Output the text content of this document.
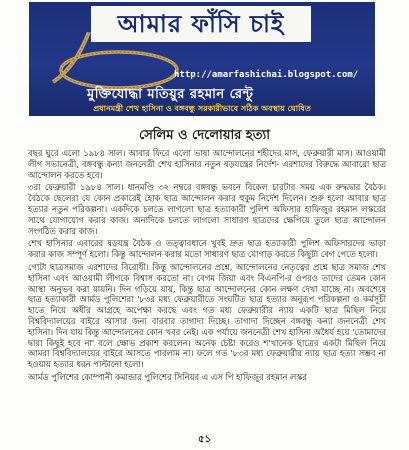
আমার ফাঁসি চাই
http://amarfashichai.blogspot.com/
মুক্তিযোদ্ধা মতিয়ুর রহমান রেন্টু
প্রধানমন্ত্রী শেখ হাসিনা ও বঙ্গবন্ধু সরকারীভাবে সঠিক অবস্থায় ঘোষিত
সেলিম ও দেলোয়ার হত্যা

বছর ঘুরে এলো ১৯৮৪ সাল। আবার ফিরে এলো ভাষা আন্দোলনের শহীদের মাস, ফেব্রুয়ারী মাস। আওয়ামী লীগ সভানেত্রী, বঙ্গবন্ধু কন্যা জননেত্রী শেখ হাসিনার নতুন ষড়যন্ত্রের নির্দেশ- এরশাদের বিরুদ্ধে আবারো ছাত্র আন্দোলন করতে হবে।

৩রা ফেব্রুয়ারী ১৯৮৪ সাল। ধানমণ্ডি ৩২ নম্বরে বঙ্গবন্ধু ভবনে বিকেল চারটার সময় এক রুদ্ধদ্বার বৈঠক। বৈঠকে ছেলেরা যে কোন প্রকারেই হোক ছাত্র আন্দোলন করার হুকুম নির্দেশ দিলেন। শুরু হলো আবার ছাত্র হত্যার নতুন পরিকল্পনা। একদিকে চলতে লাগলো ছাত্র হত্যাকারী পুলিশ অফিসার হাফিজুর রহমান লস্করের সাথে যোগাযোগ করার কাজ। অন্যদিকে চলতে লাগলো সাধারণ ছাত্রদের ক্ষেপিয়ে তুলে ছাত্র আন্দোলন সংগঠিত করার কাজ।

শেখ হাসিনার এবারের ষড়যন্ত্র বৈঠক ও তত্ত্বাবধানে খুবই দ্রুত ছাত্র হত্যাকারী পুলিশ অফিসারদের ভাড়া করার কাজ সম্পূর্ণ হলো। কিন্তু আন্দোলন করার মতো সাধারণ ছাত্র যোগাড় করতে কিছুটা বেগ পেতে হলো।

গোটা ছাত্রসমাজ এরশাদের বিরোধী। কিন্তু আন্দোলনের প্রশ্নে, আন্দোলনের নেতৃত্বের প্রশ্নে ছাত্র সমাজ শেখ হাসিনা এবং আওয়ামী লীগকে বিশ্বাস করতো না। বেগম জিয়া এবং বিএনপি-র ওপরও তাদের তেমন কোন আস্থা অনুভব করা যায়নি। দিন গড়িয়ে যায়, কিন্তু ছাত্র আন্দোলনের কোন লক্ষণ দেখা যাচ্ছে না। অবশেষে ছাত্র হত্যাকারী আর্মড পুলিশেরা '৮৩র মধ্য ফেব্রুয়ারীতে সংঘটিত ছাত্র হত্যার অনুরূপ পরিকল্পনা ও কর্মসূচী হাতে নিয়ে অধীর আগ্রহে অপেক্ষা করছে এবং গত মধ্য ফেব্রুয়ারীর ন্যায় একটি ছাত্র মিছিল নিয়ে বিশ্ববিদ্যালয়ের বাইরে আসার জন্য বারবার তাগাদা দিচ্ছে। তাগাদা দিচ্ছেন বঙ্গবন্ধু কন্যা জননেত্রী শেখ হাসিনা। দিন যায় কিন্তু আন্দোলনের কোন খবর নেই। এক পর্যায়ে জননেত্রী শেখ হাসিনা অধৈর্য হয়ে 'তোমাদের দ্বারা কিছুই হবে না' বলে ক্ষোভ প্রকাশ করলেন। অনেক চেষ্টা করেও শ'খানেক ছাত্রের একটা মিছিল নিয়ে আমরা বিশ্ববিদ্যালয়ের বাইরে আসতে পারলাম না। ফলে গত '৮৩র মধ্য ফেব্রুয়ারীর ন্যায় ছাত্র হত্যা সম্ভব না হওয়ায় হত্যার ধরন পাল্টানো হলো।

আর্মড পুলিশের কোম্পানী কমান্ডার পুলিশের সিনিয়র এ এস পি হাফিজুর রহমান লস্কর

৫১
